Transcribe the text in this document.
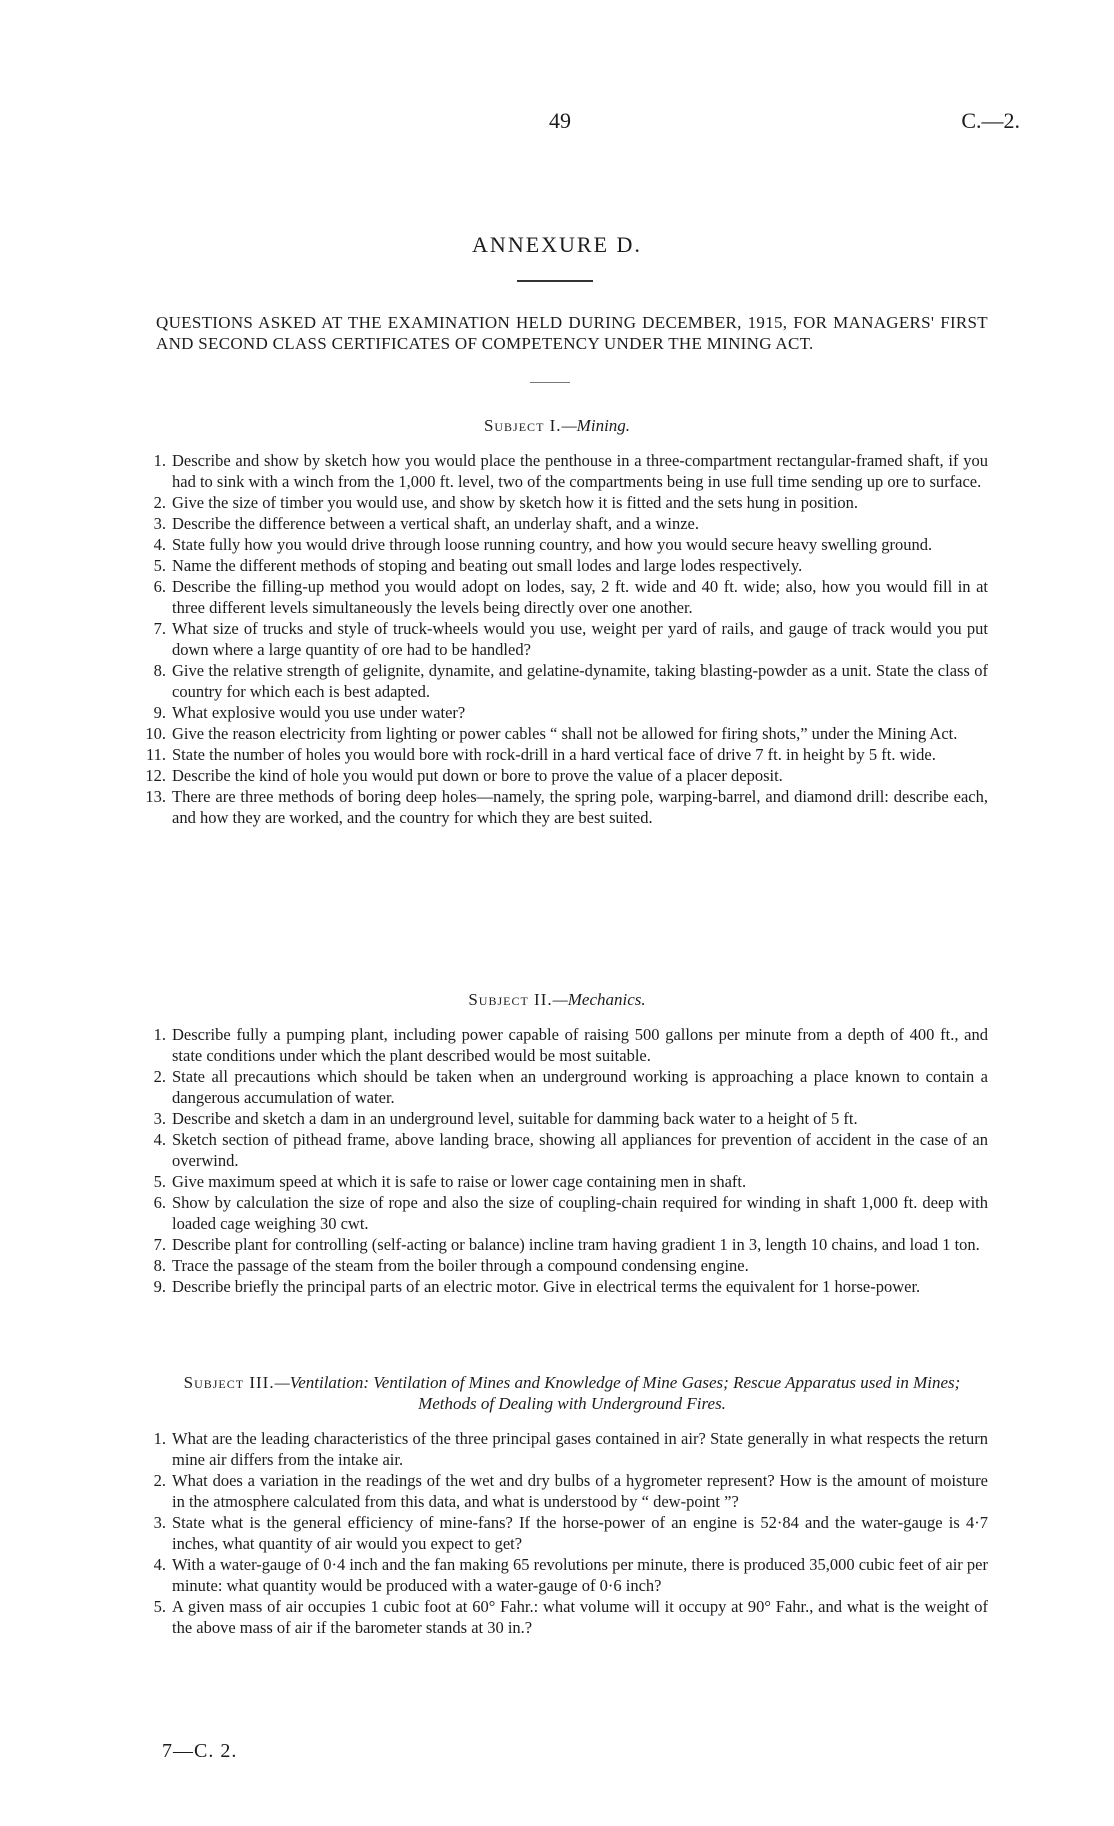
49	C.—2.
ANNEXURE D.
QUESTIONS ASKED AT THE EXAMINATION HELD DURING DECEMBER, 1915, FOR MANAGERS' FIRST AND SECOND CLASS CERTIFICATES OF COMPETENCY UNDER THE MINING ACT.
Subject I.—Mining.
1. Describe and show by sketch how you would place the penthouse in a three-compartment rectangular-framed shaft, if you had to sink with a winch from the 1,000 ft. level, two of the compartments being in use full time sending up ore to surface.
2. Give the size of timber you would use, and show by sketch how it is fitted and the sets hung in position.
3. Describe the difference between a vertical shaft, an underlay shaft, and a winze.
4. State fully how you would drive through loose running country, and how you would secure heavy swelling ground.
5. Name the different methods of stoping and beating out small lodes and large lodes respectively.
6. Describe the filling-up method you would adopt on lodes, say, 2 ft. wide and 40 ft. wide; also, how you would fill in at three different levels simultaneously the levels being directly over one another.
7. What size of trucks and style of truck-wheels would you use, weight per yard of rails, and gauge of track would you put down where a large quantity of ore had to be handled?
8. Give the relative strength of gelignite, dynamite, and gelatine-dynamite, taking blasting-powder as a unit. State the class of country for which each is best adapted.
9. What explosive would you use under water?
10. Give the reason electricity from lighting or power cables “ shall not be allowed for firing shots,” under the Mining Act.
11. State the number of holes you would bore with rock-drill in a hard vertical face of drive 7 ft. in height by 5 ft. wide.
12. Describe the kind of hole you would put down or bore to prove the value of a placer deposit.
13. There are three methods of boring deep holes—namely, the spring pole, warping-barrel, and diamond drill: describe each, and how they are worked, and the country for which they are best suited.
Subject II.—Mechanics.
1. Describe fully a pumping plant, including power capable of raising 500 gallons per minute from a depth of 400 ft., and state conditions under which the plant described would be most suitable.
2. State all precautions which should be taken when an underground working is approaching a place known to contain a dangerous accumulation of water.
3. Describe and sketch a dam in an underground level, suitable for damming back water to a height of 5 ft.
4. Sketch section of pithead frame, above landing brace, showing all appliances for prevention of accident in the case of an overwind.
5. Give maximum speed at which it is safe to raise or lower cage containing men in shaft.
6. Show by calculation the size of rope and also the size of coupling-chain required for winding in shaft 1,000 ft. deep with loaded cage weighing 30 cwt.
7. Describe plant for controlling (self-acting or balance) incline tram having gradient 1 in 3, length 10 chains, and load 1 ton.
8. Trace the passage of the steam from the boiler through a compound condensing engine.
9. Describe briefly the principal parts of an electric motor. Give in electrical terms the equivalent for 1 horse-power.
Subject III.—Ventilation: Ventilation of Mines and Knowledge of Mine Gases; Rescue Apparatus used in Mines; Methods of Dealing with Underground Fires.
1. What are the leading characteristics of the three principal gases contained in air? State generally in what respects the return mine air differs from the intake air.
2. What does a variation in the readings of the wet and dry bulbs of a hygrometer represent? How is the amount of moisture in the atmosphere calculated from this data, and what is understood by “ dew-point ”?
3. State what is the general efficiency of mine-fans? If the horse-power of an engine is 52·84 and the water-gauge is 4·7 inches, what quantity of air would you expect to get?
4. With a water-gauge of 0·4 inch and the fan making 65 revolutions per minute, there is produced 35,000 cubic feet of air per minute: what quantity would be produced with a water-gauge of 0·6 inch?
5. A given mass of air occupies 1 cubic foot at 60° Fahr.: what volume will it occupy at 90° Fahr., and what is the weight of the above mass of air if the barometer stands at 30 in.?
7—C. 2.
